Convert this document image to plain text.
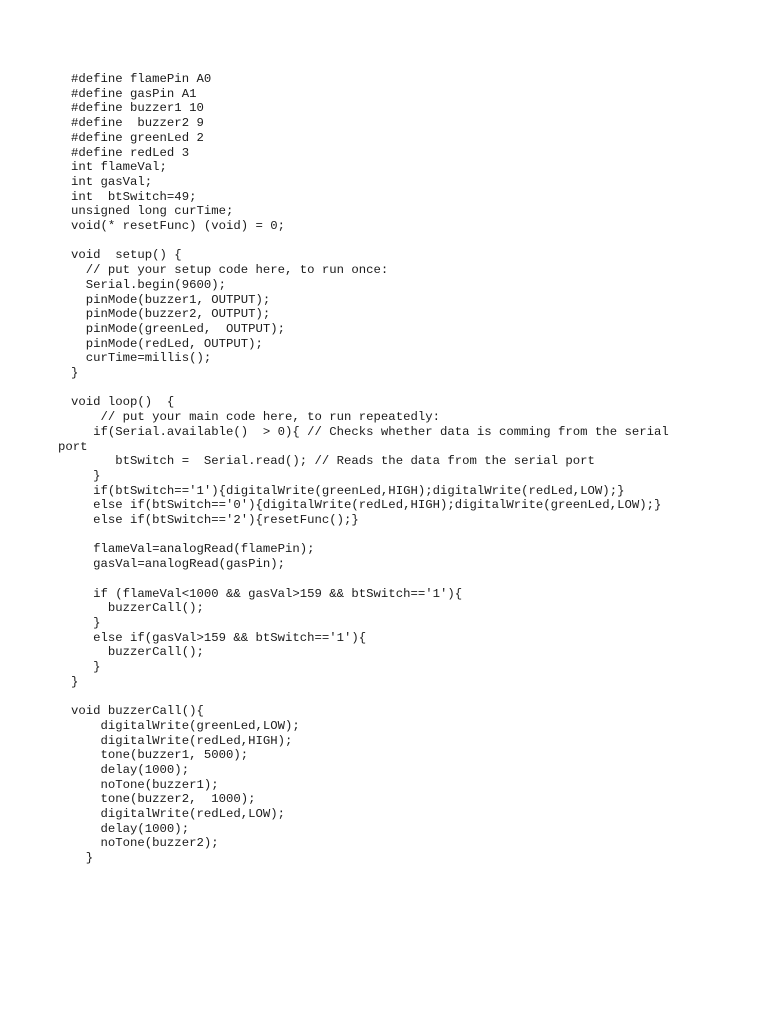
#define flamePin A0
#define gasPin A1
#define buzzer1 10
#define  buzzer2 9
#define greenLed 2
#define redLed 3
int flameVal;
int gasVal;
int  btSwitch=49;
unsigned long curTime;
void(* resetFunc) (void) = 0;
void  setup() {
// put your setup code here, to run once:
Serial.begin(9600);
pinMode(buzzer1, OUTPUT);
pinMode(buzzer2, OUTPUT);
pinMode(greenLed,  OUTPUT);
pinMode(redLed, OUTPUT);
curTime=millis();
}
void loop()  {
// put your main code here, to run repeatedly:
if(Serial.available()  > 0){ // Checks whether data is comming from the serial
port
btSwitch =  Serial.read(); // Reads the data from the serial port
}
if(btSwitch=='1'){digitalWrite(greenLed,HIGH);digitalWrite(redLed,LOW);}
else if(btSwitch=='0'){digitalWrite(redLed,HIGH);digitalWrite(greenLed,LOW);}
else if(btSwitch=='2'){resetFunc();}
flameVal=analogRead(flamePin);
gasVal=analogRead(gasPin);
if (flameVal<1000 && gasVal>159 && btSwitch=='1'){
buzzerCall();
}
else if(gasVal>159 && btSwitch=='1'){
buzzerCall();
}
}
void buzzerCall(){
digitalWrite(greenLed,LOW);
digitalWrite(redLed,HIGH);
tone(buzzer1, 5000);
delay(1000);
noTone(buzzer1);
tone(buzzer2,  1000);
digitalWrite(redLed,LOW);
delay(1000);
noTone(buzzer2);
}
